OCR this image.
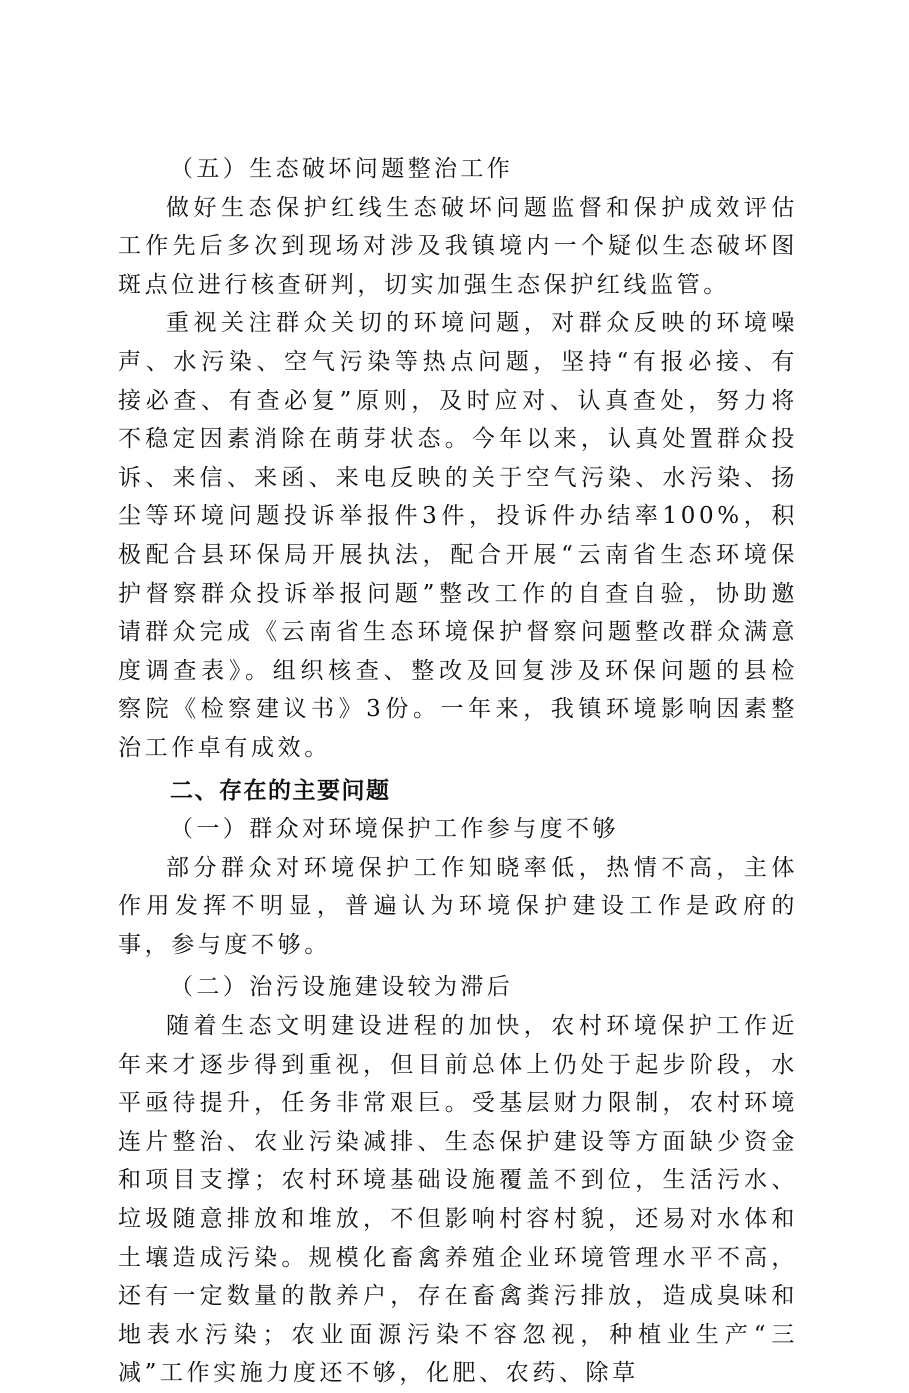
（五）生态破坏问题整治工作

做好生态保护红线生态破坏问题监督和保护成效评估工作先后多次到现场对涉及我镇境内一个疑似生态破坏图斑点位进行核查研判，切实加强生态保护红线监管。

重视关注群众关切的环境问题，对群众反映的环境噪声、水污染、空气污染等热点问题，坚持“有报必接、有接必查、有查必复”原则，及时应对、认真查处，努力将不稳定因素消除在萌芽状态。今年以来，认真处置群众投诉、来信、来函、来电反映的关于空气污染、水污染、扬尘等环境问题投诉举报件3件，投诉件办结率100%，积极配合县环保局开展执法，配合开展“云南省生态环境保护督察群众投诉举报问题”整改工作的自查自验，协助邀请群众完成《云南省生态环境保护督察问题整改群众满意度调查表》。组织核查、整改及回复涉及环保问题的县检察院《检察建议书》3份。一年来，我镇环境影响因素整治工作卓有成效。

二、存在的主要问题

（一）群众对环境保护工作参与度不够

部分群众对环境保护工作知晓率低，热情不高，主体作用发挥不明显，普遍认为环境保护建设工作是政府的事，参与度不够。

（二）治污设施建设较为滞后

随着生态文明建设进程的加快，农村环境保护工作近年来才逐步得到重视，但目前总体上仍处于起步阶段，水平亟待提升，任务非常艰巨。受基层财力限制，农村环境连片整治、农业污染减排、生态保护建设等方面缺少资金和项目支撑；农村环境基础设施覆盖不到位，生活污水、垃圾随意排放和堆放，不但影响村容村貌，还易对水体和土壤造成污染。规模化畜禽养殖企业环境管理水平不高，还有一定数量的散养户，存在畜禽粪污排放，造成臭味和地表水污染；农业面源污染不容忽视，种植业生产“三减”工作实施力度还不够，化肥、农药、除草
